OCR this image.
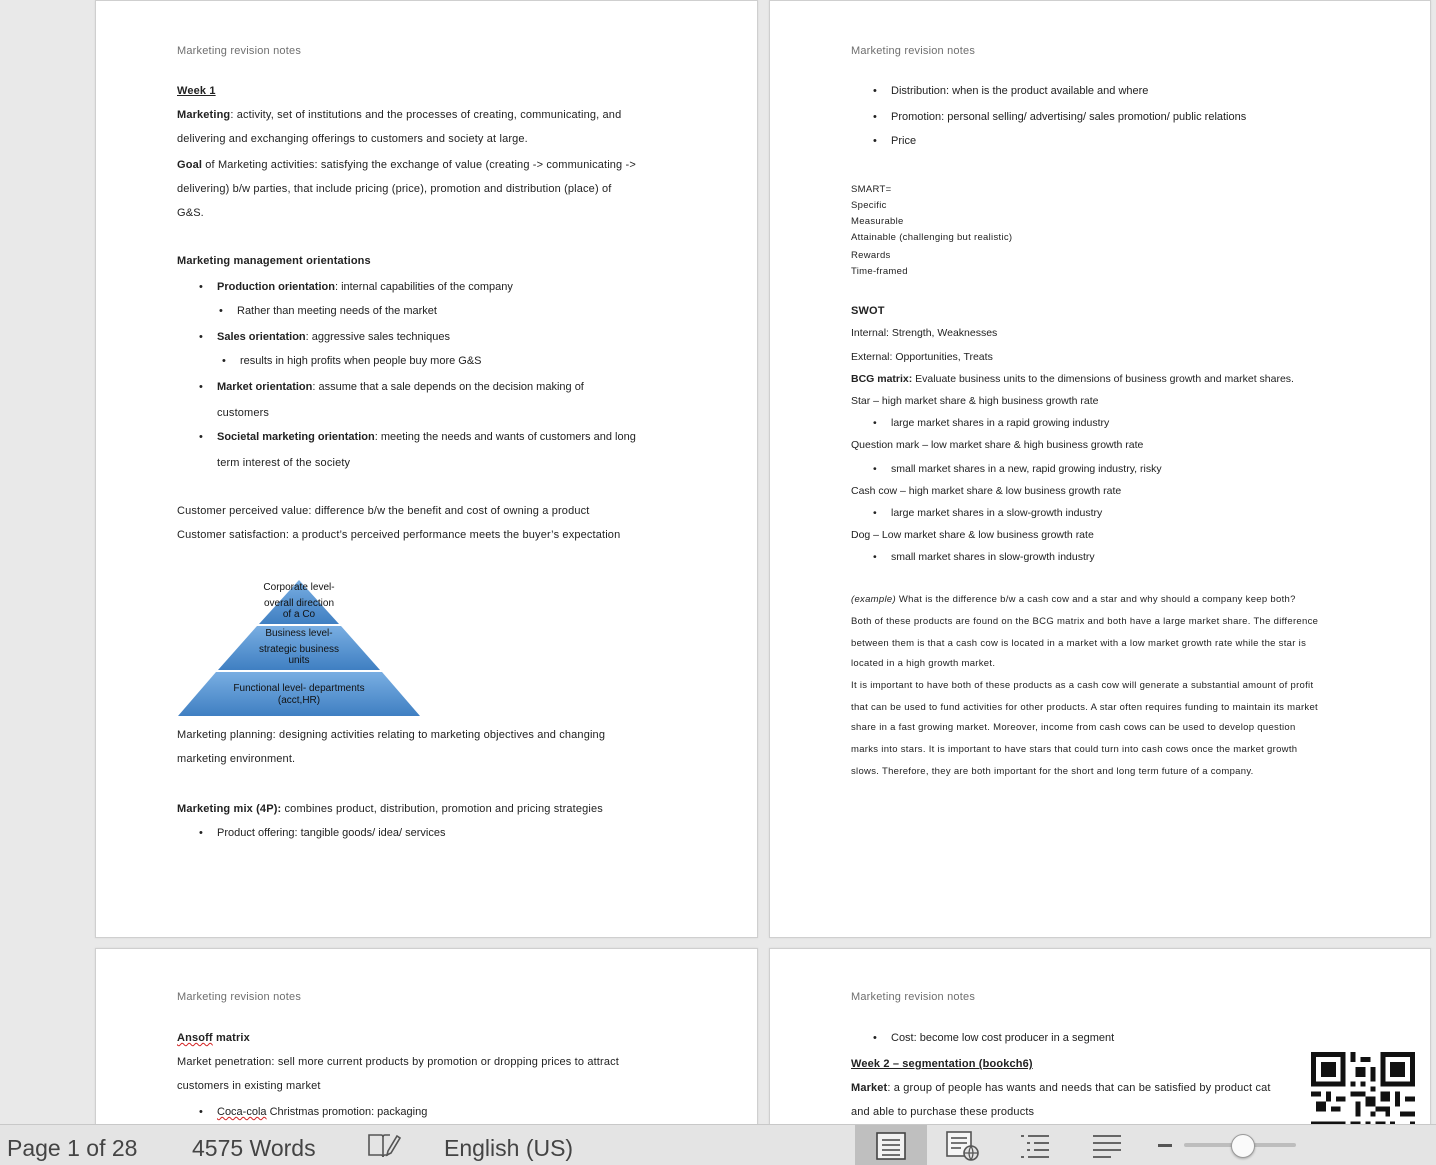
Marketing revision notes
Week 1
Marketing: activity, set of institutions and the processes of creating, communicating, and
delivering and exchanging offerings to customers and society at large.
Goal of Marketing activities: satisfying the exchange of value (creating -> communicating ->
delivering) b/w parties, that include pricing (price), promotion and distribution (place) of
G&S.
Marketing management orientations
• Production orientation: internal capabilities of the company
• Rather than meeting needs of the market
• Sales orientation: aggressive sales techniques
• results in high profits when people buy more G&S
• Market orientation: assume that a sale depends on the decision making of
customers
• Societal marketing orientation: meeting the needs and wants of customers and long
term interest of the society
Customer perceived value: difference b/w the benefit and cost of owning a product
Customer satisfaction: a product’s perceived performance meets the buyer’s expectation
Corporate level-
overall direction
of a Co
Business level-
strategic business
units
Functional level- departments
(acct,HR)
Marketing planning: designing activities relating to marketing objectives and changing
marketing environment.
Marketing mix (4P): combines product, distribution, promotion and pricing strategies
• Product offering: tangible goods/ idea/ services
Marketing revision notes
• Distribution: when is the product available and where
• Promotion: personal selling/ advertising/ sales promotion/ public relations
• Price
SMART=
Specific
Measurable
Attainable (challenging but realistic)
Rewards
Time-framed
SWOT
Internal: Strength, Weaknesses
External: Opportunities, Treats
BCG matrix: Evaluate business units to the dimensions of business growth and market shares.
Star – high market share & high business growth rate
• large market shares in a rapid growing industry
Question mark – low market share & high business growth rate
• small market shares in a new, rapid growing industry, risky
Cash cow – high market share & low business growth rate
• large market shares in a slow-growth industry
Dog – Low market share & low business growth rate
• small market shares in slow-growth industry
(example) What is the difference b/w a cash cow and a star and why should a company keep both?
Both of these products are found on the BCG matrix and both have a large market share. The difference
between them is that a cash cow is located in a market with a low market growth rate while the star is
located in a high growth market.
It is important to have both of these products as a cash cow will generate a substantial amount of profit
that can be used to fund activities for other products. A star often requires funding to maintain its market
share in a fast growing market. Moreover, income from cash cows can be used to develop question
marks into stars. It is important to have stars that could turn into cash cows once the market growth
slows. Therefore, they are both important for the short and long term future of a company.
Marketing revision notes
Ansoff matrix
Market penetration: sell more current products by promotion or dropping prices to attract
customers in existing market
• Coca-cola Christmas promotion: packaging
Marketing revision notes
• Cost: become low cost producer in a segment
Week 2 – segmentation (bookch6)
Market: a group of people has wants and needs that can be satisfied by product cat
and able to purchase these products
Page 1 of 28 4575 Words	English (US)
